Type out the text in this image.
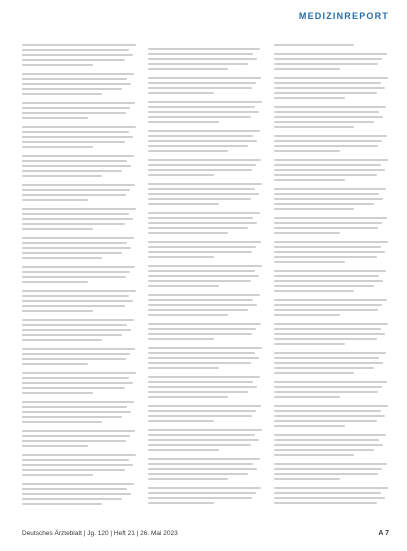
MEDIZINREPORT
Deutsches Ärzteblatt | Jg. 120 | Heft 21 | 26. Mai 2023	A 7
